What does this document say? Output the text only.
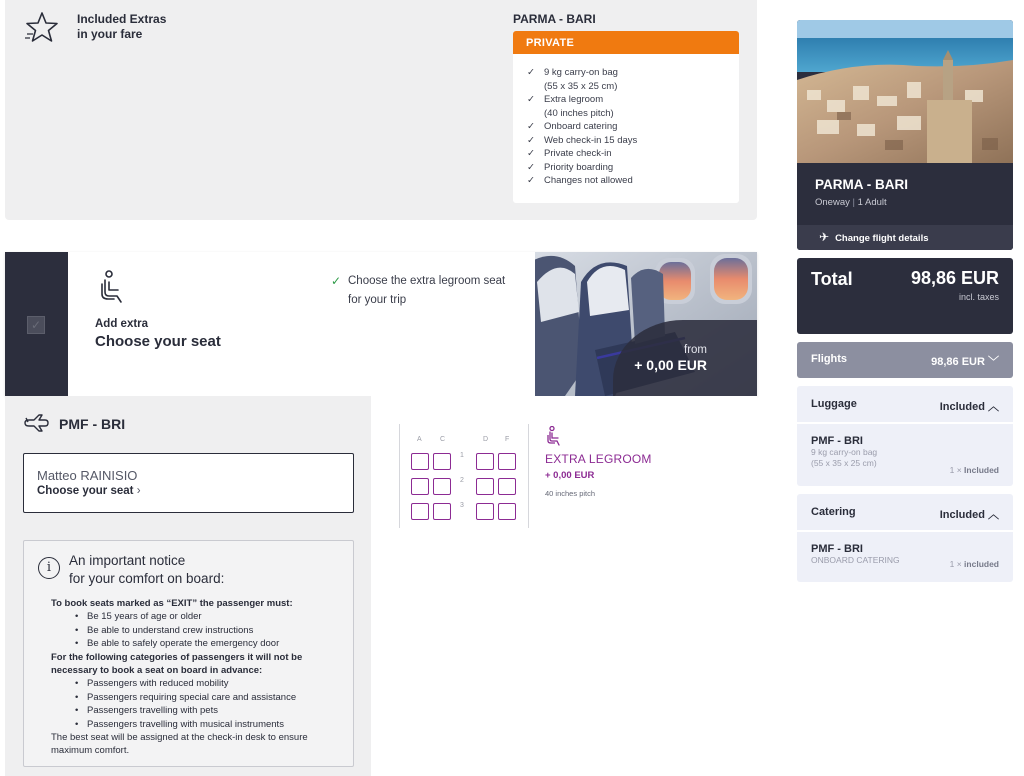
Included Extras
in your fare
PARMA - BARI
PRIVATE
✓ 9 kg carry-on bag
(55 x 35 x 25 cm)
✓ Extra legroom
(40 inches pitch)
✓ Onboard catering
✓ Web check-in 15 days
✓ Private check-in
✓ Priority boarding
✓ Changes not allowed
✓	Add extra
Choose your seat
✓ Choose the extra legroom seat for your trip
from
+ 0,00 EUR
PMF - BRI
Matteo RAINISIO
Choose your seat ›
i	An important notice
for your comfort on board:
To book seats marked as “EXIT” the passenger must:
• Be 15 years of age or older
• Be able to understand crew instructions
• Be able to safely operate the emergency door
For the following categories of passengers it will not be necessary to book a seat on board in advance:
• Passengers with reduced mobility
• Passengers requiring special care and assistance
• Passengers travelling with pets
• Passengers travelling with musical instruments
The best seat will be assigned at the check-in desk to ensure maximum comfort.
A	C	D F
1
2
3
EXTRA LEGROOM
+ 0,00 EUR
40 inches pitch
PARMA - BARI
Oneway | 1 Adult
✈ Change flight details
Total	98,86 EUR
incl. taxes
Flights	98,86 EUR ﹀
Luggage	Included ︿
PMF - BRI
9 kg carry-on bag
(55 x 35 x 25 cm)
1 × Included
Catering	Included ︿
PMF - BRI
ONBOARD CATERING	1 × included
